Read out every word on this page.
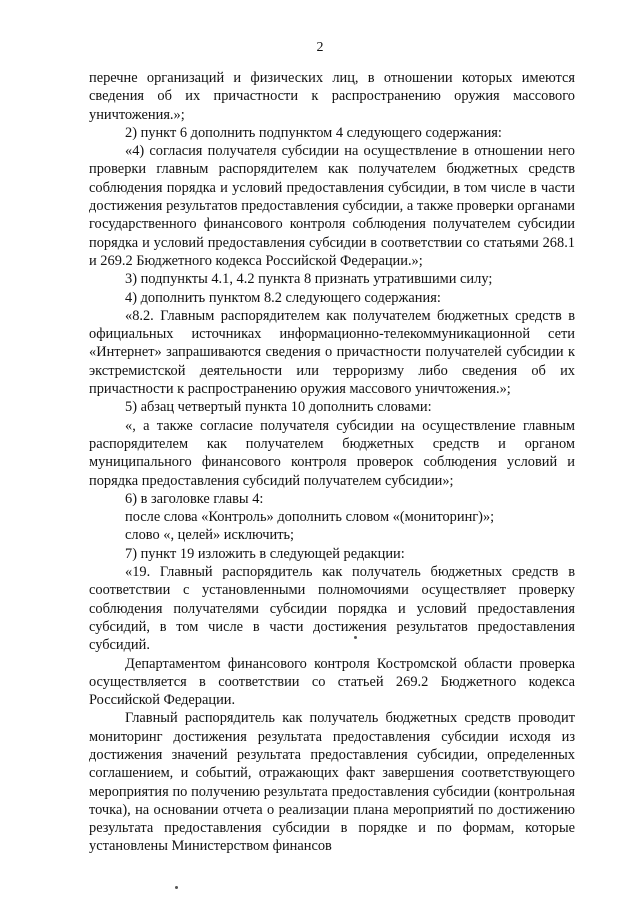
2

перечне организаций и физических лиц, в отношении которых имеются сведения об их причастности к распространению оружия массового уничтожения.»;

2) пункт 6 дополнить подпунктом 4 следующего содержания:

«4) согласия получателя субсидии на осуществление в отношении него проверки главным распорядителем как получателем бюджетных средств соблюдения порядка и условий предоставления субсидии, в том числе в части достижения результатов предоставления субсидии, а также проверки органами государственного финансового контроля соблюдения получателем субсидии порядка и условий предоставления субсидии в соответствии со статьями 268.1 и 269.2 Бюджетного кодекса Российской Федерации.»;

3) подпункты 4.1, 4.2 пункта 8 признать утратившими силу;

4) дополнить пунктом 8.2 следующего содержания:

«8.2. Главным распорядителем как получателем бюджетных средств в официальных источниках информационно-телекоммуникационной сети «Интернет» запрашиваются сведения о причастности получателей субсидии к экстремистской деятельности или терроризму либо сведения об их причастности к распространению оружия массового уничтожения.»;

5) абзац четвертый пункта 10 дополнить словами:

«, а также согласие получателя субсидии на осуществление главным распорядителем как получателем бюджетных средств и органом муниципального финансового контроля проверок соблюдения условий и порядка предоставления субсидий получателем субсидии»;

6) в заголовке главы 4:

после слова «Контроль» дополнить словом «(мониторинг)»;

слово «, целей» исключить;

7) пункт 19 изложить в следующей редакции:

«19. Главный распорядитель как получатель бюджетных средств в соответствии с установленными полномочиями осуществляет проверку соблюдения получателями субсидии порядка и условий предоставления субсидий, в том числе в части достижения результатов предоставления субсидий.

Департаментом финансового контроля Костромской области проверка осуществляется в соответствии со статьей 269.2 Бюджетного кодекса Российской Федерации.

Главный распорядитель как получатель бюджетных средств проводит мониторинг достижения результата предоставления субсидии исходя из достижения значений результата предоставления субсидии, определенных соглашением, и событий, отражающих факт завершения соответствующего мероприятия по получению результата предоставления субсидии (контрольная точка), на основании отчета о реализации плана мероприятий по достижению результата предоставления субсидии в порядке и по формам, которые установлены Министерством финансов
